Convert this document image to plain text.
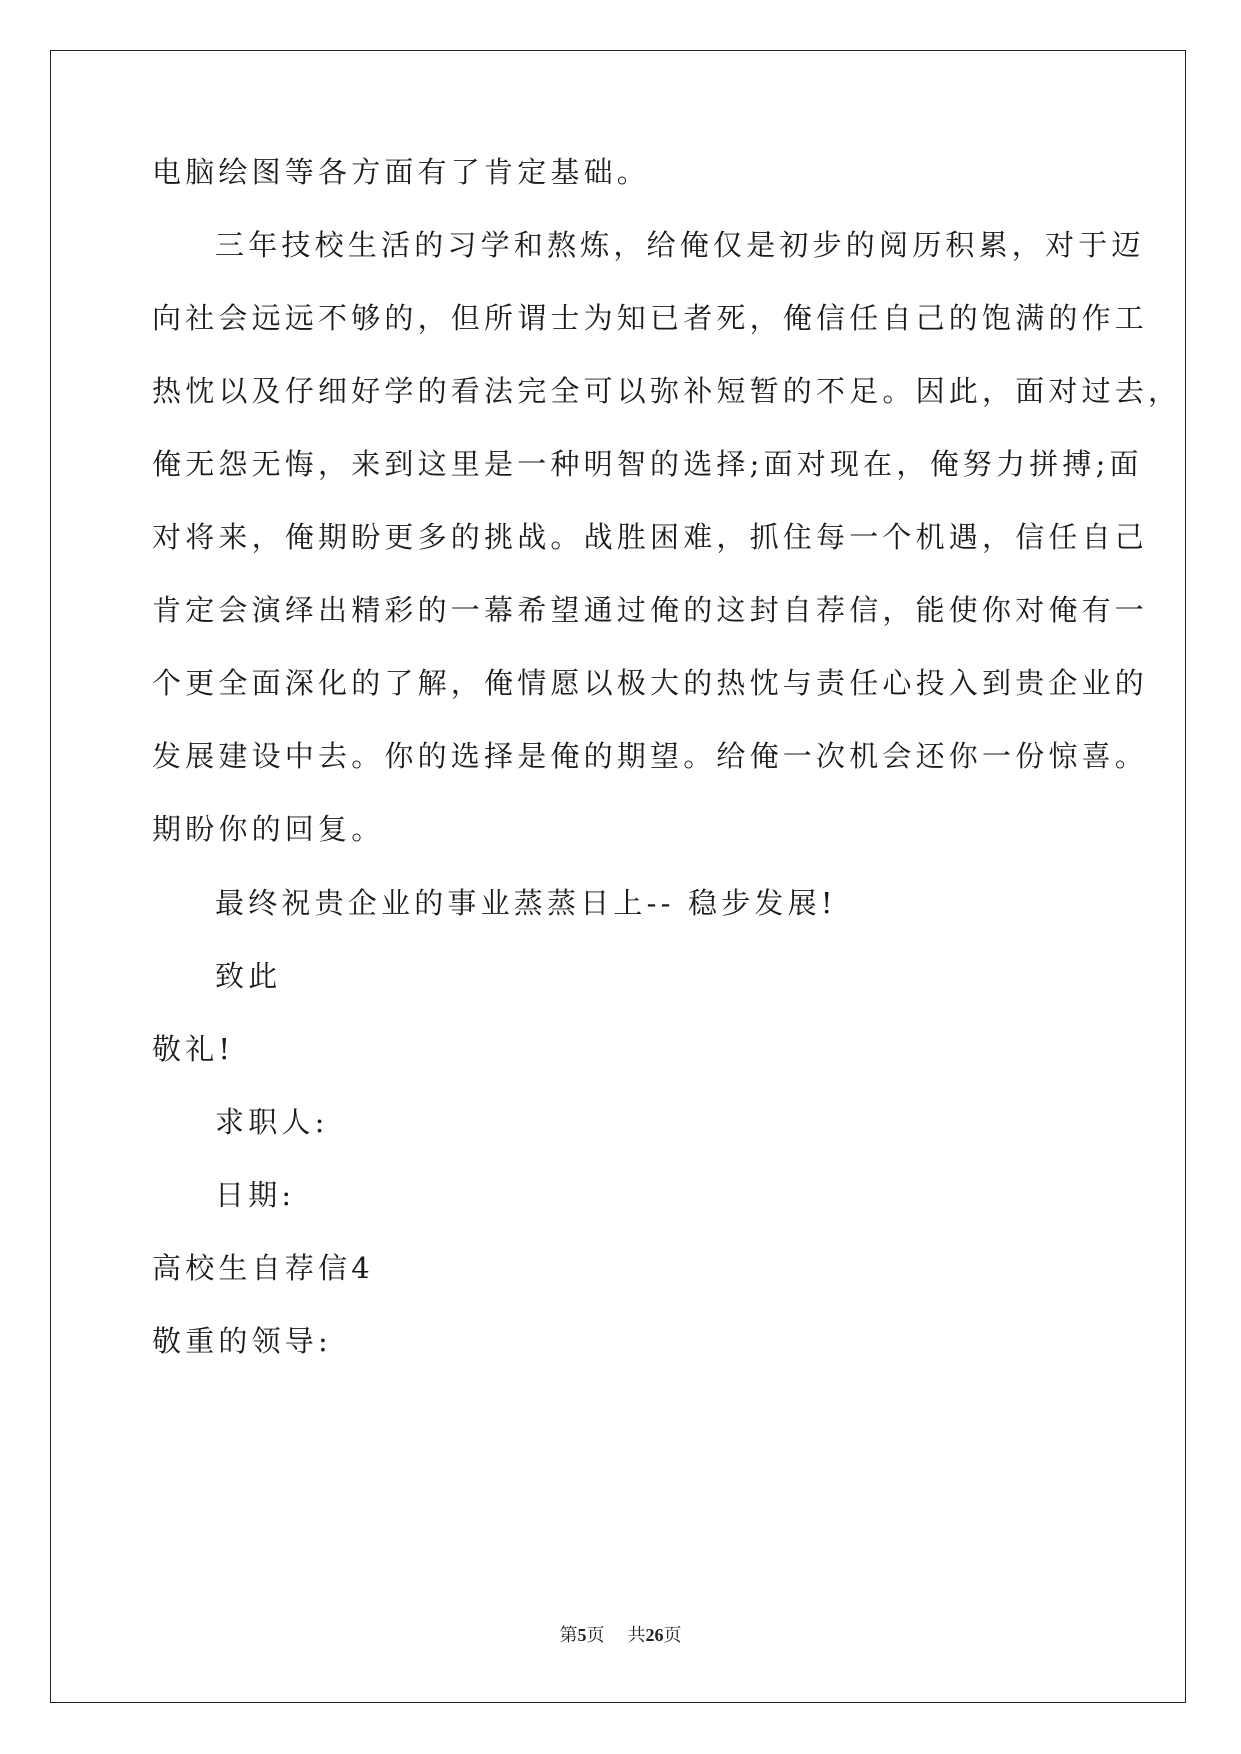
电脑绘图等各方面有了肯定基础。
三年技校生活的习学和熬炼，给俺仅是初步的阅历积累，对于迈
向社会远远不够的，但所谓士为知已者死，俺信任自己的饱满的作工
热忱以及仔细好学的看法完全可以弥补短暂的不足。因此，面对过去，
俺无怨无悔，来到这里是一种明智的选择;面对现在，俺努力拼搏;面
对将来，俺期盼更多的挑战。战胜困难，抓住每一个机遇，信任自己
肯定会演绎出精彩的一幕希望通过俺的这封自荐信，能使你对俺有一
个更全面深化的了解，俺情愿以极大的热忱与责任心投入到贵企业的
发展建设中去。你的选择是俺的期望。给俺一次机会还你一份惊喜。
期盼你的回复。
最终祝贵企业的事业蒸蒸日上-- 稳步发展!
致此
敬礼!
求职人:
日期:
高校生自荐信4
敬重的领导:
第5页 共26页
